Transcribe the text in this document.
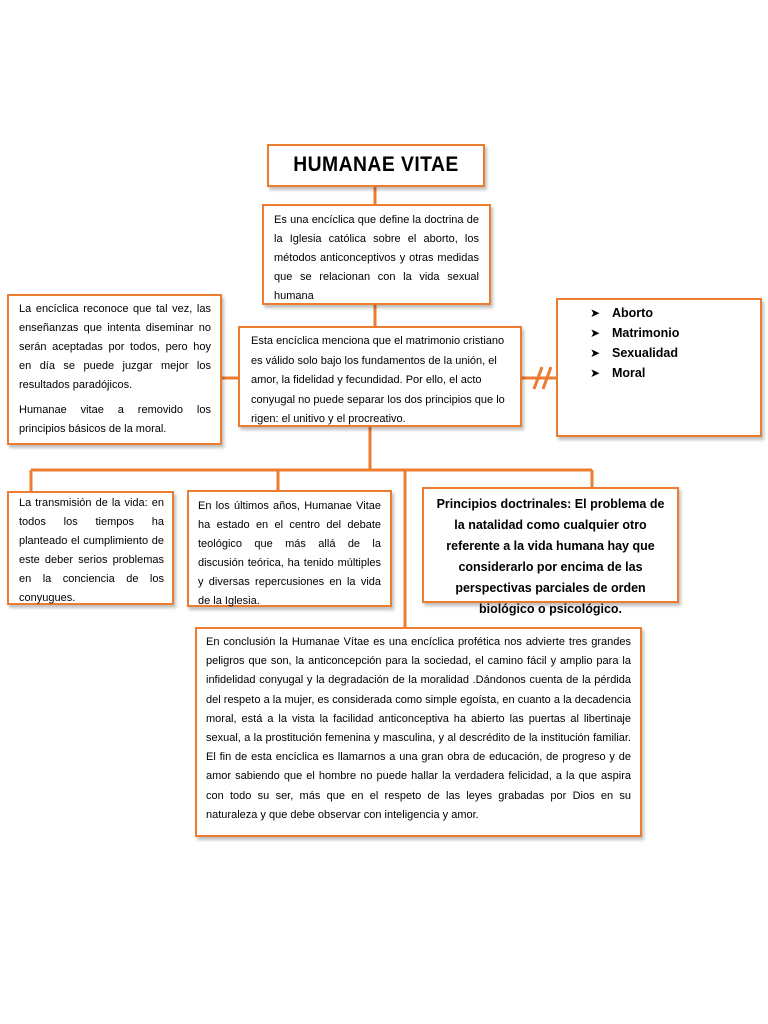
HUMANAE VITAE

Es una encíclica que define la doctrina de la Iglesia católica sobre el aborto, los métodos anticonceptivos y otras medidas que se relacionan con la vida sexual humana

Esta encíclica menciona que el matrimonio cristiano es válido solo bajo los fundamentos de la unión, el amor, la fidelidad y fecundidad. Por ello, el acto conyugal no puede separar los dos principios que lo rigen: el unitivo y el procreativo.

La encíclica reconoce que tal vez, las enseñanzas que intenta diseminar no serán aceptadas por todos, pero hoy en día se puede juzgar mejor los resultados paradójicos.

Humanae vitae a removido los principios básicos de la moral.

➤ Aborto
➤ Matrimonio
➤ Sexualidad
➤ Moral

La transmisión de la vida: en todos los tiempos ha planteado el cumplimiento de este deber serios problemas en la conciencia de los conyugues.

En los últimos años, Humanae Vitae ha estado en el centro del debate teológico que más allá de la discusión teórica, ha tenido múltiples y diversas repercusiones en la vida de la Iglesia.

Principios doctrinales: El problema de la natalidad como cualquier otro referente a la vida humana hay que considerarlo por encima de las perspectivas parciales de orden biológico o psicológico.

En conclusión la Humanae Vítae es una encíclica profética nos advierte tres grandes peligros que son, la anticoncepción para la sociedad, el camino fácil y amplio para la infidelidad conyugal y la degradación de la moralidad .Dándonos cuenta de la pérdida del respeto a la mujer, es considerada como simple egoísta, en cuanto a la decadencia moral, está a la vista la facilidad anticonceptiva ha abierto las puertas al libertinaje sexual, a la prostitución femenina y masculina, y al descrédito de la institución familiar. El fin de esta encíclica es llamarnos a una gran obra de educación, de progreso y de amor sabiendo que el hombre no puede hallar la verdadera felicidad, a la que aspira con todo su ser, más que en el respeto de las leyes grabadas por Dios en su naturaleza y que debe observar con inteligencia y amor.
